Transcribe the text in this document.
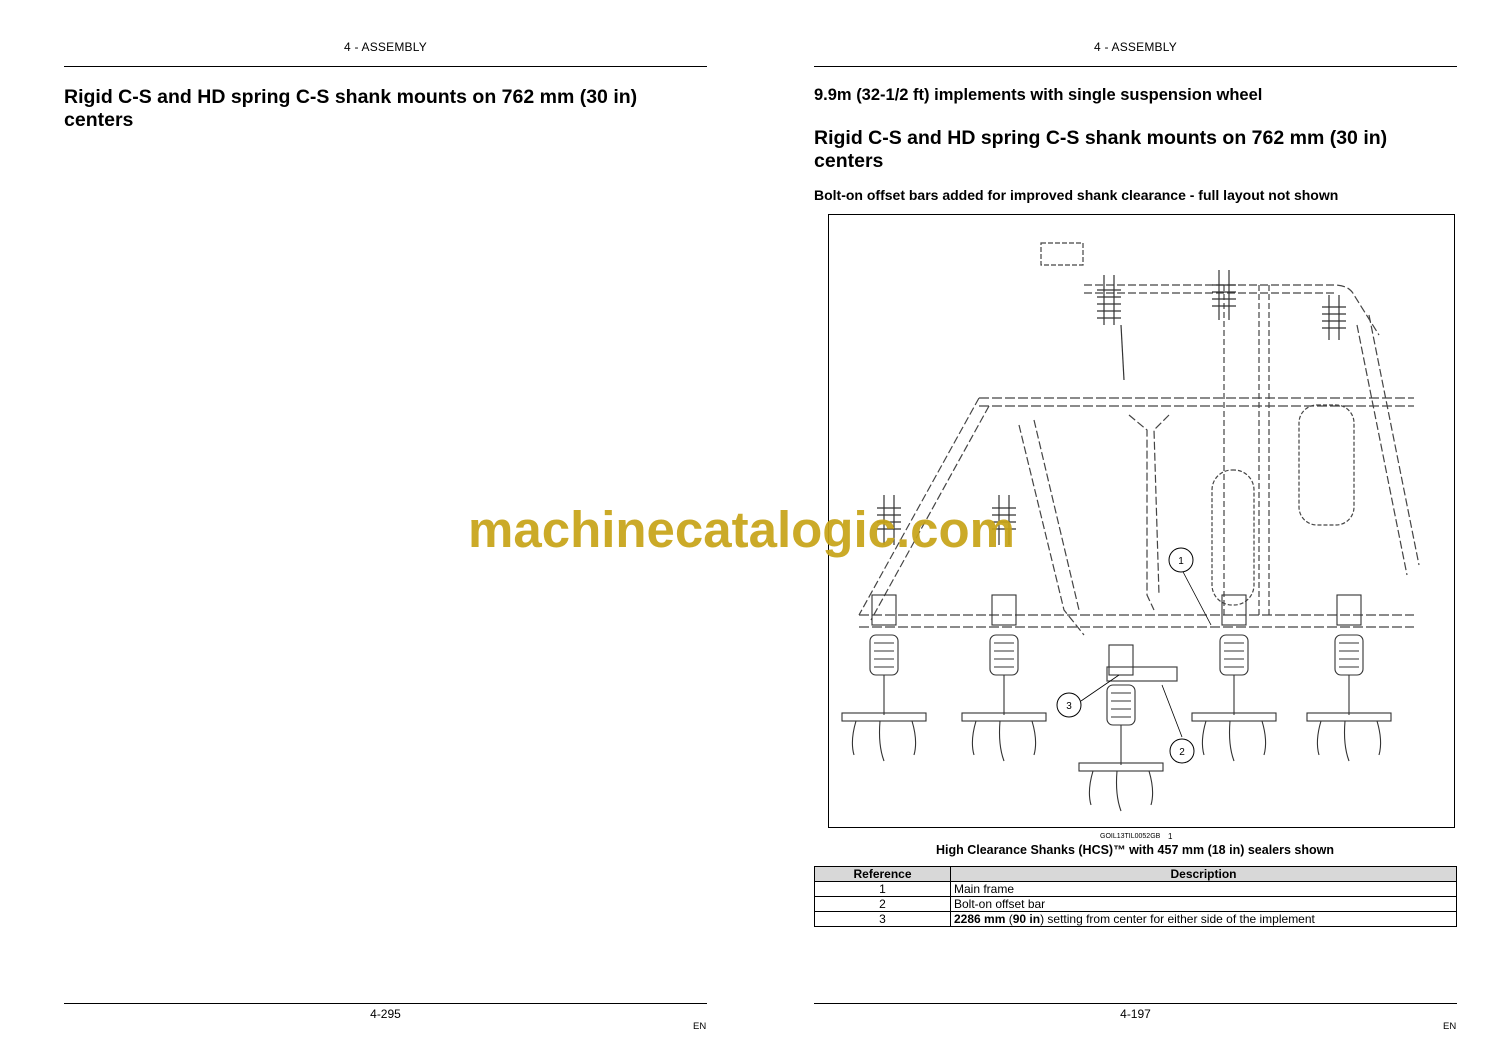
4 - ASSEMBLY
Rigid C-S and HD spring C-S shank mounts on 762 mm (30 in) centers
4-295
EN
4 - ASSEMBLY
9.9m (32-1/2 ft) implements with single suspension wheel
Rigid C-S and HD spring C-S shank mounts on 762 mm (30 in) centers
Bolt-on offset bars added for improved shank clearance - full layout not shown
1
2
3
GOIL13TIL0052GB 1
High Clearance Shanks (HCS)™ with 457 mm (18 in) sealers shown
Reference	Description
1	Main frame
2	Bolt-on offset bar
3	2286 mm (90 in) setting from center for either side of the implement
4-197
EN
machinecatalogic.com
